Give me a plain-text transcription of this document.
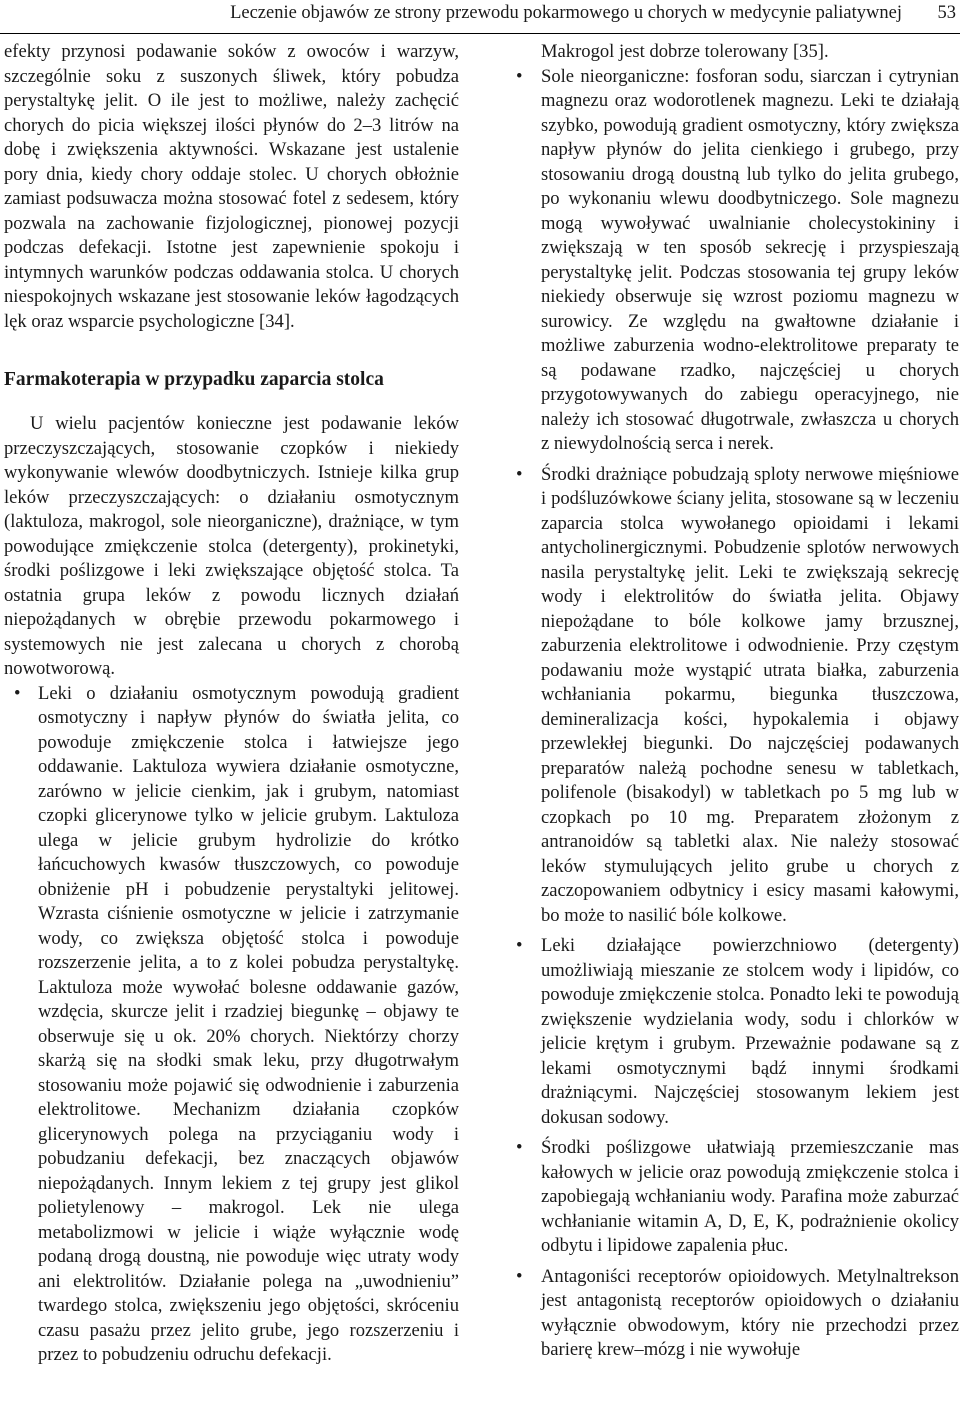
Leczenie objawów ze strony przewodu pokarmowego u chorych w medycynie paliatywnej 53

efekty przynosi podawanie soków z owoców i warzyw, szczególnie soku z suszonych śliwek, który pobudza perystaltykę jelit. O ile jest to możliwe, należy zachęcić chorych do picia większej ilości płynów do 2–3 litrów na dobę i zwiększenia aktywności. Wskazane jest ustalenie pory dnia, kiedy chory oddaje stolec. U chorych obłożnie zamiast podsuwacza można stosować fotel z sedesem, który pozwala na zachowanie fizjologicznej, pionowej pozycji podczas defekacji. Istotne jest zapewnienie spokoju i intymnych warunków podczas oddawania stolca. U chorych niespokojnych wskazane jest stosowanie leków łagodzących lęk oraz wsparcie psychologiczne [34].

Farmakoterapia w przypadku zaparcia stolca

U wielu pacjentów konieczne jest podawanie leków przeczyszczających, stosowanie czopków i niekiedy wykonywanie wlewów doodbytniczych. Istnieje kilka grup leków przeczyszczających: o działaniu osmotycznym (laktuloza, makrogol, sole nieorganiczne), drażniące, w tym powodujące zmiękczenie stolca (detergenty), prokinetyki, środki poślizgowe i leki zwiększające objętość stolca. Ta ostatnia grupa leków z powodu licznych działań niepożądanych w obrębie przewodu pokarmowego i systemowych nie jest zalecana u chorych z chorobą nowotworową.

• Leki o działaniu osmotycznym powodują gradient osmotyczny i napływ płynów do światła jelita, co powoduje zmiękczenie stolca i łatwiejsze jego oddawanie. Laktuloza wywiera działanie osmotyczne, zarówno w jelicie cienkim, jak i grubym, natomiast czopki glicerynowe tylko w jelicie grubym. Laktuloza ulega w jelicie grubym hydrolizie do krótko łańcuchowych kwasów tłuszczowych, co powoduje obniżenie pH i pobudzenie perystaltyki jelitowej. Wzrasta ciśnienie osmotyczne w jelicie i zatrzymanie wody, co zwiększa objętość stolca i powoduje rozszerzenie jelita, a to z kolei pobudza perystaltykę. Laktuloza może wywołać bolesne oddawanie gazów, wzdęcia, skurcze jelit i rzadziej biegunkę – objawy te obserwuje się u ok. 20% chorych. Niektórzy chorzy skarżą się na słodki smak leku, przy długotrwałym stosowaniu może pojawić się odwodnienie i zaburzenia elektrolitowe. Mechanizm działania czopków glicerynowych polega na przyciąganiu wody i pobudzaniu defekacji, bez znaczących objawów niepożądanych. Innym lekiem z tej grupy jest glikol polietylenowy – makrogol. Lek nie ulega metabolizmowi w jelicie i wiąże wyłącznie wodę podaną drogą doustną, nie powoduje więc utraty wody ani elektrolitów. Działanie polega na „uwodnieniu” twardego stolca, zwiększeniu jego objętości, skróceniu czasu pasażu przez jelito grube, jego rozszerzeniu i przez to pobudzeniu odruchu defekacji.

Makrogol jest dobrze tolerowany [35].

• Sole nieorganiczne: fosforan sodu, siarczan i cytrynian magnezu oraz wodorotlenek magnezu. Leki te działają szybko, powodują gradient osmotyczny, który zwiększa napływ płynów do jelita cienkiego i grubego, przy stosowaniu drogą doustną lub tylko do jelita grubego, po wykonaniu wlewu doodbytniczego. Sole magnezu mogą wywoływać uwalnianie cholecystokininy i zwiększają w ten sposób sekrecję i przyspieszają perystaltykę jelit. Podczas stosowania tej grupy leków niekiedy obserwuje się wzrost poziomu magnezu w surowicy. Ze względu na gwałtowne działanie i możliwe zaburzenia wodno-elektrolitowe preparaty te są podawane rzadko, najczęściej u chorych przygotowywanych do zabiegu operacyjnego, nie należy ich stosować długotrwale, zwłaszcza u chorych z niewydolnością serca i nerek.
• Środki drażniące pobudzają sploty nerwowe mięśniowe i podśluzówkowe ściany jelita, stosowane są w leczeniu zaparcia stolca wywołanego opioidami i lekami antycholinergicznymi. Pobudzenie splotów nerwowych nasila perystaltykę jelit. Leki te zwiększają sekrecję wody i elektrolitów do światła jelita. Objawy niepożądane to bóle kolkowe jamy brzusznej, zaburzenia elektrolitowe i odwodnienie. Przy częstym podawaniu może wystąpić utrata białka, zaburzenia wchłaniania pokarmu, biegunka tłuszczowa, demineralizacja kości, hypokalemia i objawy przewlekłej biegunki. Do najczęściej podawanych preparatów należą pochodne senesu w tabletkach, polifenole (bisakodyl) w tabletkach po 5 mg lub w czopkach po 10 mg. Preparatem złożonym z antranoidów są tabletki alax. Nie należy stosować leków stymulujących jelito grube u chorych z zaczopowaniem odbytnicy i esicy masami kałowymi, bo może to nasilić bóle kolkowe.
• Leki działające powierzchniowo (detergenty) umożliwiają mieszanie ze stolcem wody i lipidów, co powoduje zmiękczenie stolca. Ponadto leki te powodują zwiększenie wydzielania wody, sodu i chlorków w jelicie krętym i grubym. Przeważnie podawane są z lekami osmotycznymi bądź innymi środkami drażniącymi. Najczęściej stosowanym lekiem jest dokusan sodowy.
• Środki poślizgowe ułatwiają przemieszczanie mas kałowych w jelicie oraz powodują zmiękczenie stolca i zapobiegają wchłanianiu wody. Parafina może zaburzać wchłanianie witamin A, D, E, K, podrażnienie okolicy odbytu i lipidowe zapalenia płuc.
• Antagoniści receptorów opioidowych. Metylnaltrekson jest antagonistą receptorów opioidowych o działaniu wyłącznie obwodowym, który nie przechodzi przez barierę krew–mózg i nie wywołuje
